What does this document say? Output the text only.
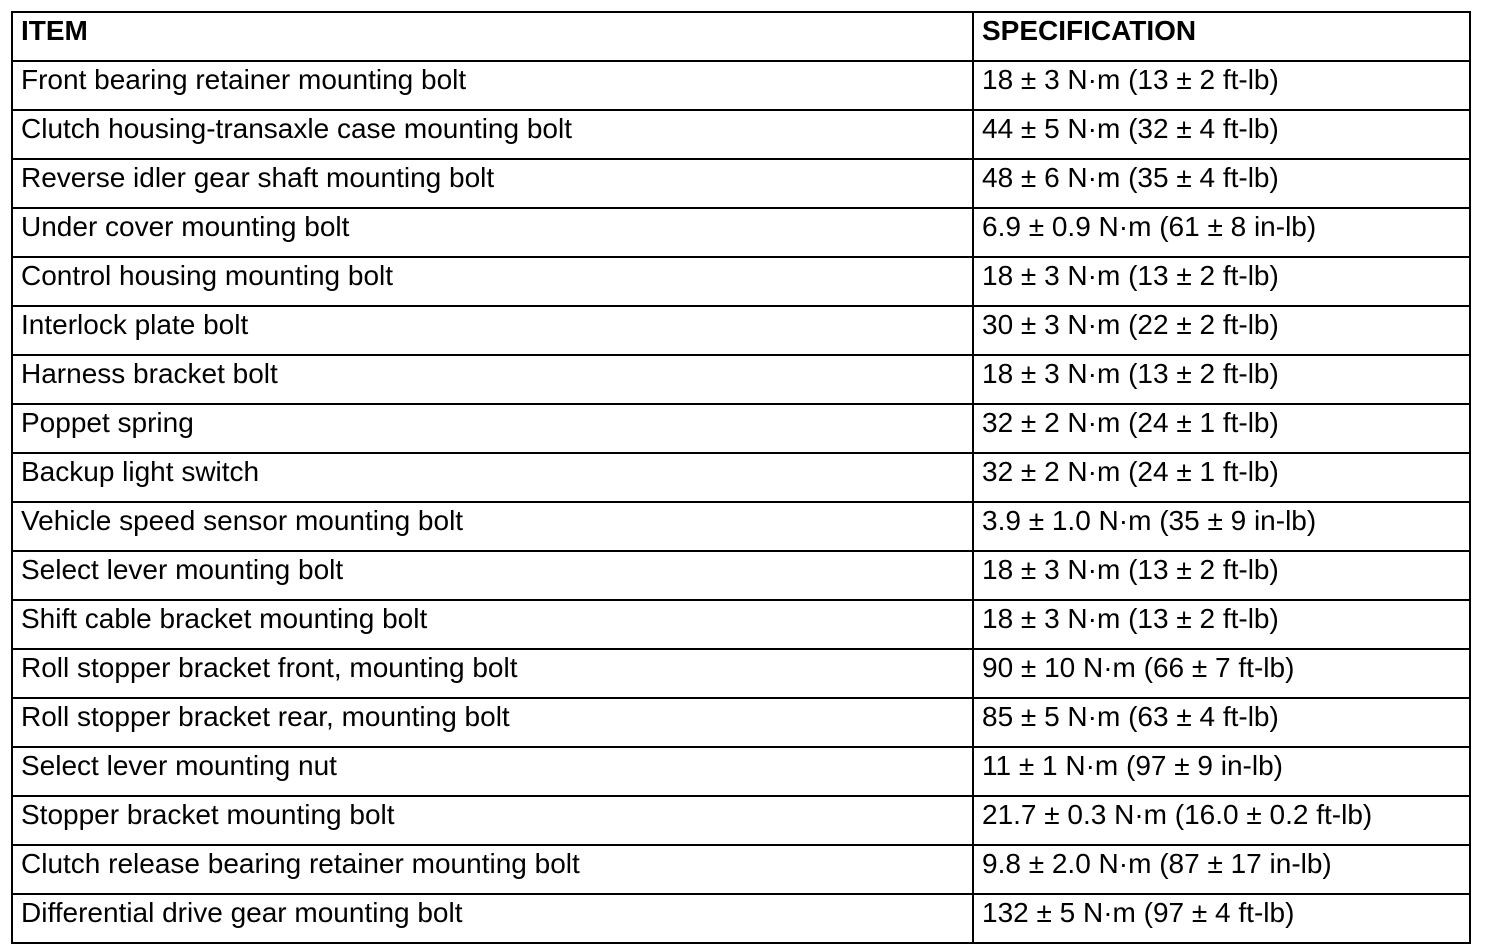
ITEM	SPECIFICATION
Front bearing retainer mounting bolt	18 ± 3 N·m (13 ± 2 ft-lb)
Clutch housing-transaxle case mounting bolt	44 ± 5 N·m (32 ± 4 ft-lb)
Reverse idler gear shaft mounting bolt	48 ± 6 N·m (35 ± 4 ft-lb)
Under cover mounting bolt	6.9 ± 0.9 N·m (61 ± 8 in-lb)
Control housing mounting bolt	18 ± 3 N·m (13 ± 2 ft-lb)
Interlock plate bolt	30 ± 3 N·m (22 ± 2 ft-lb)
Harness bracket bolt	18 ± 3 N·m (13 ± 2 ft-lb)
Poppet spring	32 ± 2 N·m (24 ± 1 ft-lb)
Backup light switch	32 ± 2 N·m (24 ± 1 ft-lb)
Vehicle speed sensor mounting bolt	3.9 ± 1.0 N·m (35 ± 9 in-lb)
Select lever mounting bolt	18 ± 3 N·m (13 ± 2 ft-lb)
Shift cable bracket mounting bolt	18 ± 3 N·m (13 ± 2 ft-lb)
Roll stopper bracket front, mounting bolt	90 ± 10 N·m (66 ± 7 ft-lb)
Roll stopper bracket rear, mounting bolt	85 ± 5 N·m (63 ± 4 ft-lb)
Select lever mounting nut	11 ± 1 N·m (97 ± 9 in-lb)
Stopper bracket mounting bolt	21.7 ± 0.3 N·m (16.0 ± 0.2 ft-lb)
Clutch release bearing retainer mounting bolt	9.8 ± 2.0 N·m (87 ± 17 in-lb)
Differential drive gear mounting bolt	132 ± 5 N·m (97 ± 4 ft-lb)
